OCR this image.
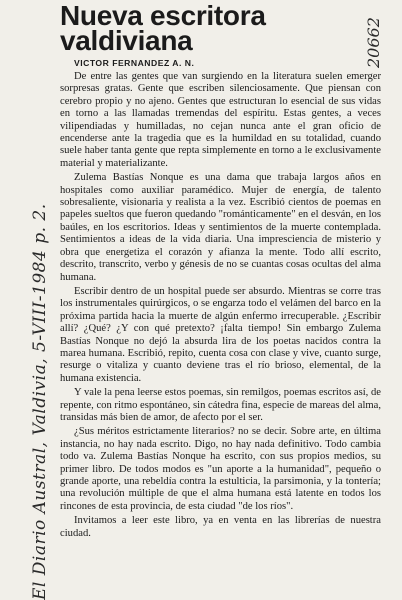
Nueva escritora valdiviana
VICTOR FERNANDEZ A. N.

De entre las gentes que van surgiendo en la literatura suelen emerger sorpresas gratas. Gente que escriben silenciosamente. Que piensan con cerebro propio y no ajeno. Gentes que estructuran lo esencial de sus vidas en torno a las llamadas tremendas del espíritu. Estas gentes, a veces vilipendiadas y humilladas, no cejan nunca ante el gran oficio de encenderse ante la tragedia que es la humildad en su totalidad, cuando suele haber tanta gente que repta simplemente en torno a le exclusivamente material y materializante.

Zulema Bastías Nonque es una dama que trabaja largos años en hospitales como auxiliar paramédico. Mujer de energía, de talento sobresaliente, visionaria y realista a la vez. Escribió cientos de poemas en papeles sueltos que fueron quedando "románticamente" en el desván, en los baúles, en los escritorios. Ideas y sentimientos de la muerte contemplada. Sentimientos a ideas de la vida diaria. Una impresciencia de misterio y obra que energetiza el corazón y afianza la mente. Todo allí escrito, descrito, transcrito, verbo y génesis de no se cuantas cosas ocultas del alma humana.

Escribir dentro de un hospital puede ser absurdo. Mientras se corre tras los instrumentales quirúrgicos, o se engarza todo el velámen del barco en la próxima partida hacia la muerte de algún enfermo irrecuperable. ¿Escribir allí? ¿Qué? ¿Y con qué pretexto? ¡falta tiempo! Sin embargo Zulema Bastías Nonque no dejó la absurda lira de los poetas nacidos contra la marea humana. Escribió, repito, cuenta cosa con clase y vive, cuanto surge, resurge o vitaliza y cuanto deviene tras el río brioso, elemental, de la humana existencia.

Y vale la pena leerse estos poemas, sin remilgos, poemas escritos así, de repente, con ritmo espontáneo, sin cátedra fina, especie de mareas del alma, transidas más bien de amor, de afecto por el ser.

¿Sus méritos estrictamente literarios? no se decir. Sobre arte, en última instancia, no hay nada escrito. Digo, no hay nada definitivo. Todo cambia todo va. Zulema Bastías Nonque ha escrito, con sus propios medios, su primer libro. De todos modos es "un aporte a la humanidad", pequeño o grande aporte, una rebeldía contra la estulticia, la parsimonia, y la tontería; una revolución múltiple de que el alma humana está latente en todos los rincones de esta provincia, de esta ciudad "de los ríos".

Invitamos a leer este libro, ya en venta en las librerías de nuestra ciudad.

El Diario Austral, Valdivia, 5-VIII-1984 p. 2.
20662
